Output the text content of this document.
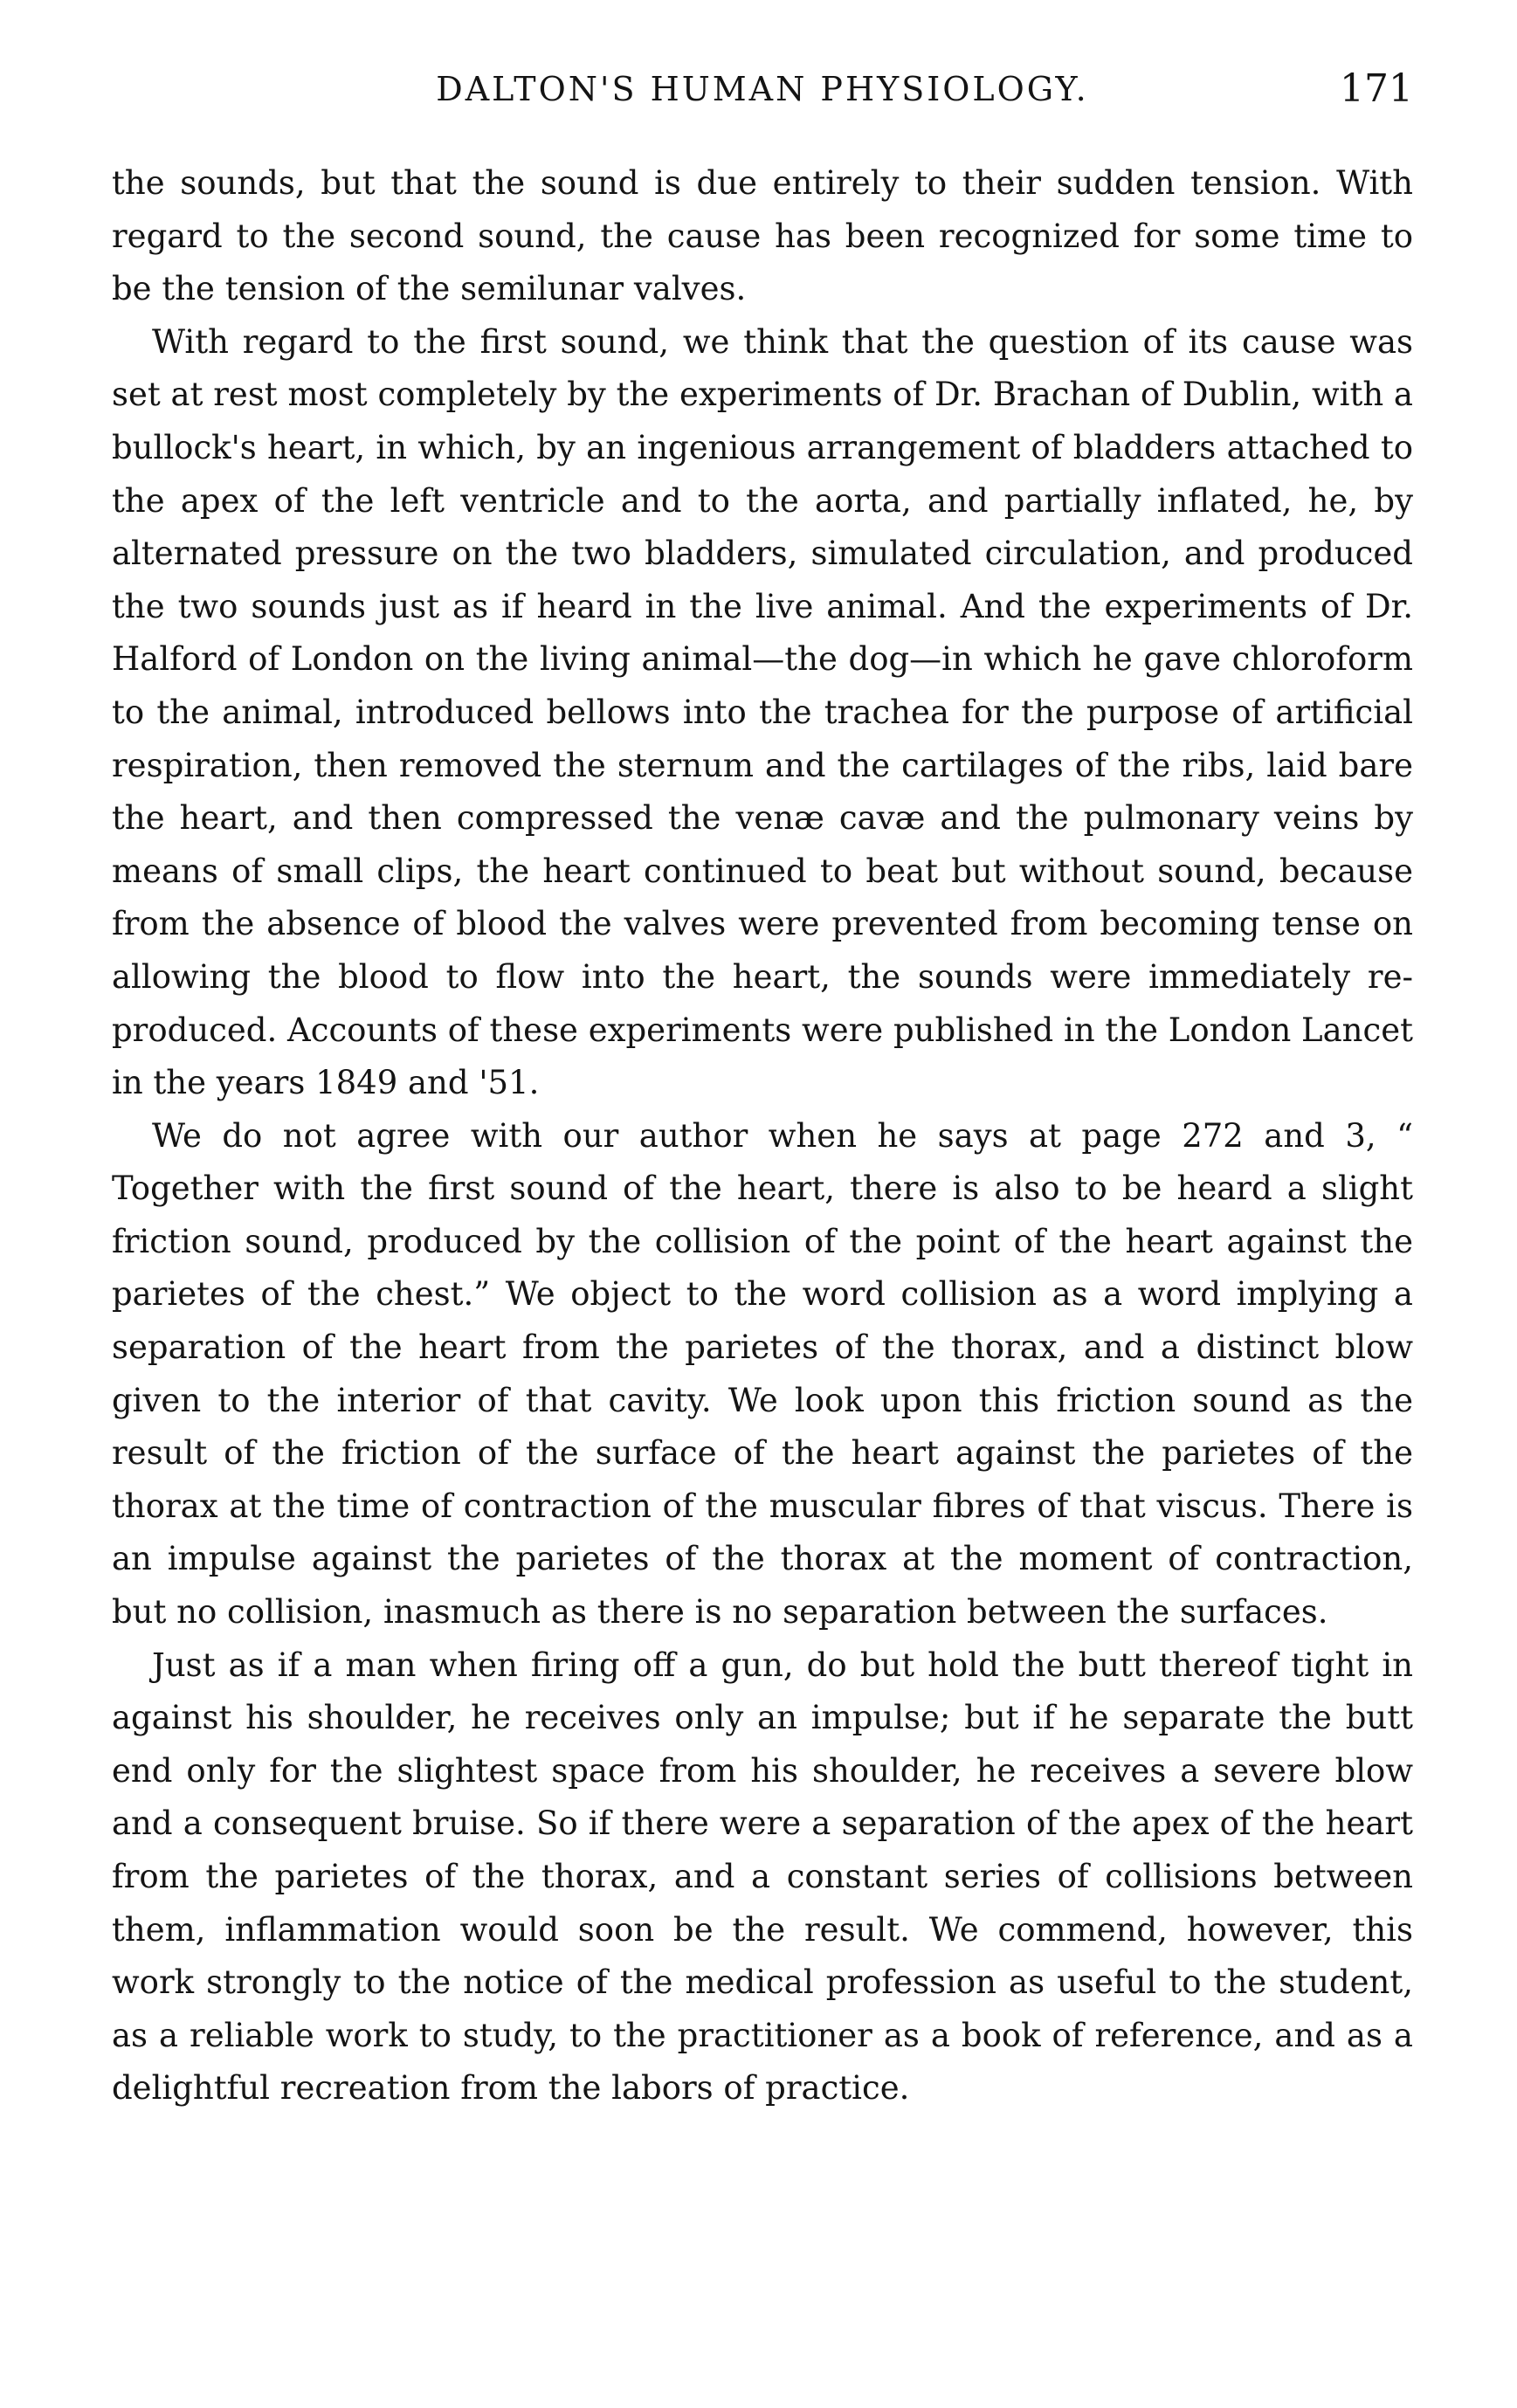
DALTON'S HUMAN PHYSIOLOGY.	171

the sounds, but that the sound is due entirely to their sudden tension. With regard to the second sound, the cause has been recognized for some time to be the tension of the semilunar valves.

With regard to the first sound, we think that the question of its cause was set at rest most completely by the experiments of Dr. Brachan of Dublin, with a bullock's heart, in which, by an ingenious arrangement of bladders attached to the apex of the left ventricle and to the aorta, and partially inflated, he, by alternated pressure on the two bladders, simulated circulation, and produced the two sounds just as if heard in the live animal. And the experiments of Dr. Halford of London on the living animal—the dog—in which he gave chloroform to the animal, introduced bellows into the trachea for the purpose of artificial respiration, then removed the sternum and the cartilages of the ribs, laid bare the heart, and then compressed the venæ cavæ and the pulmonary veins by means of small clips, the heart continued to beat but without sound, because from the absence of blood the valves were prevented from becoming tense on allowing the blood to flow into the heart, the sounds were immediately re-produced. Accounts of these experiments were published in the London Lancet in the years 1849 and '51.

We do not agree with our author when he says at page 272 and 3, “ Together with the first sound of the heart, there is also to be heard a slight friction sound, produced by the collision of the point of the heart against the parietes of the chest.” We object to the word collision as a word implying a separation of the heart from the parietes of the thorax, and a distinct blow given to the interior of that cavity. We look upon this friction sound as the result of the friction of the surface of the heart against the parietes of the thorax at the time of contraction of the muscular fibres of that viscus. There is an impulse against the parietes of the thorax at the moment of contraction, but no collision, inasmuch as there is no separation between the surfaces.

Just as if a man when firing off a gun, do but hold the butt thereof tight in against his shoulder, he receives only an impulse; but if he separate the butt end only for the slightest space from his shoulder, he receives a severe blow and a consequent bruise. So if there were a separation of the apex of the heart from the parietes of the thorax, and a constant series of collisions between them, inflammation would soon be the result. We commend, however, this work strongly to the notice of the medical profession as useful to the student, as a reliable work to study, to the practitioner as a book of reference, and as a delightful recreation from the labors of practice.
